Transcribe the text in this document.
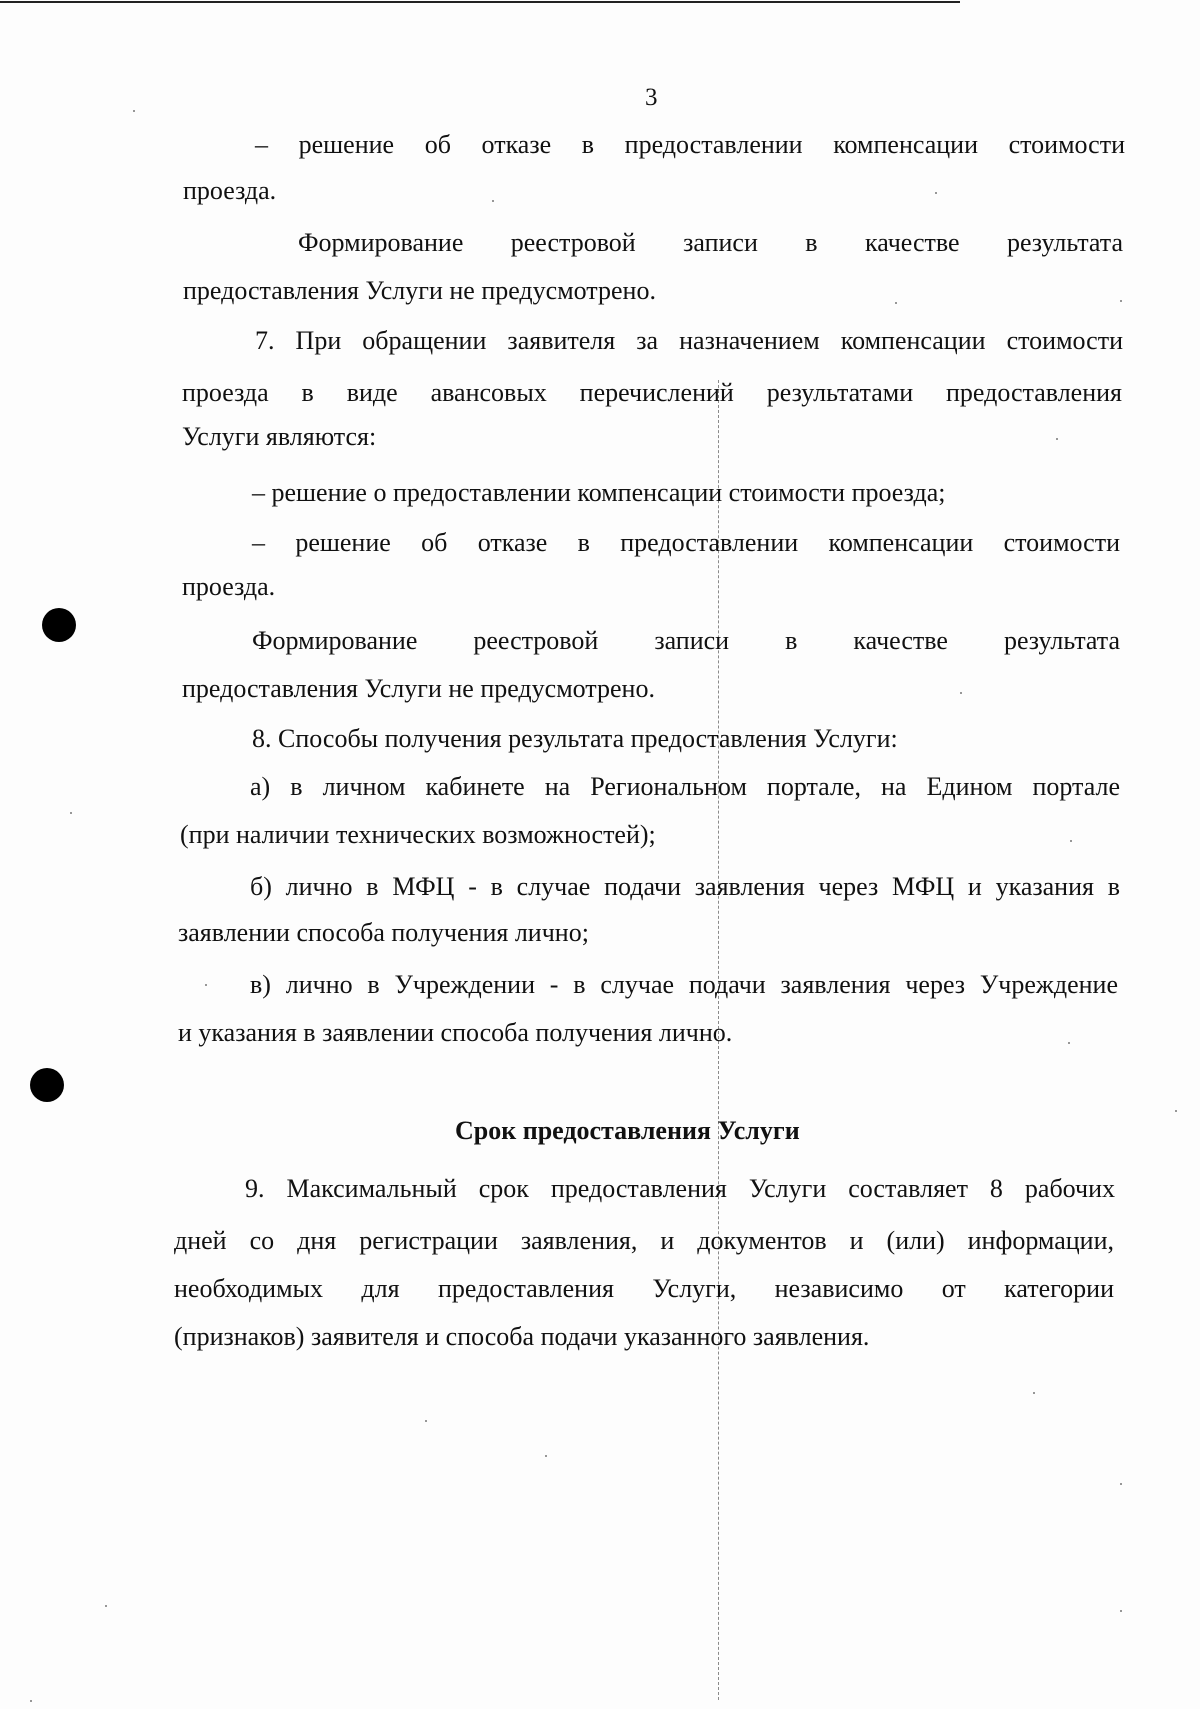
3
– решение об отказе в предоставлении компенсации стоимости
проезда.
Формирование реестровой записи в качестве результата
предоставления Услуги не предусмотрено.
7. При обращении заявителя за назначением компенсации стоимости
проезда в виде авансовых перечислений результатами предоставления
Услуги являются:
– решение о предоставлении компенсации стоимости проезда;
– решение об отказе в предоставлении компенсации стоимости
проезда.
Формирование реестровой записи в качестве результата
предоставления Услуги не предусмотрено.
8. Способы получения результата предоставления Услуги:
а) в личном кабинете на Региональном портале, на Едином портале
(при наличии технических возможностей);
б) лично в МФЦ - в случае подачи заявления через МФЦ и указания в
заявлении способа получения лично;
в) лично в Учреждении - в случае подачи заявления через Учреждение
и указания в заявлении способа получения лично.
Срок предоставления Услуги
9. Максимальный срок предоставления Услуги составляет 8 рабочих
дней со дня регистрации заявления, и документов и (или) информации,
необходимых для предоставления Услуги, независимо от категории
(признаков) заявителя и способа подачи указанного заявления.
